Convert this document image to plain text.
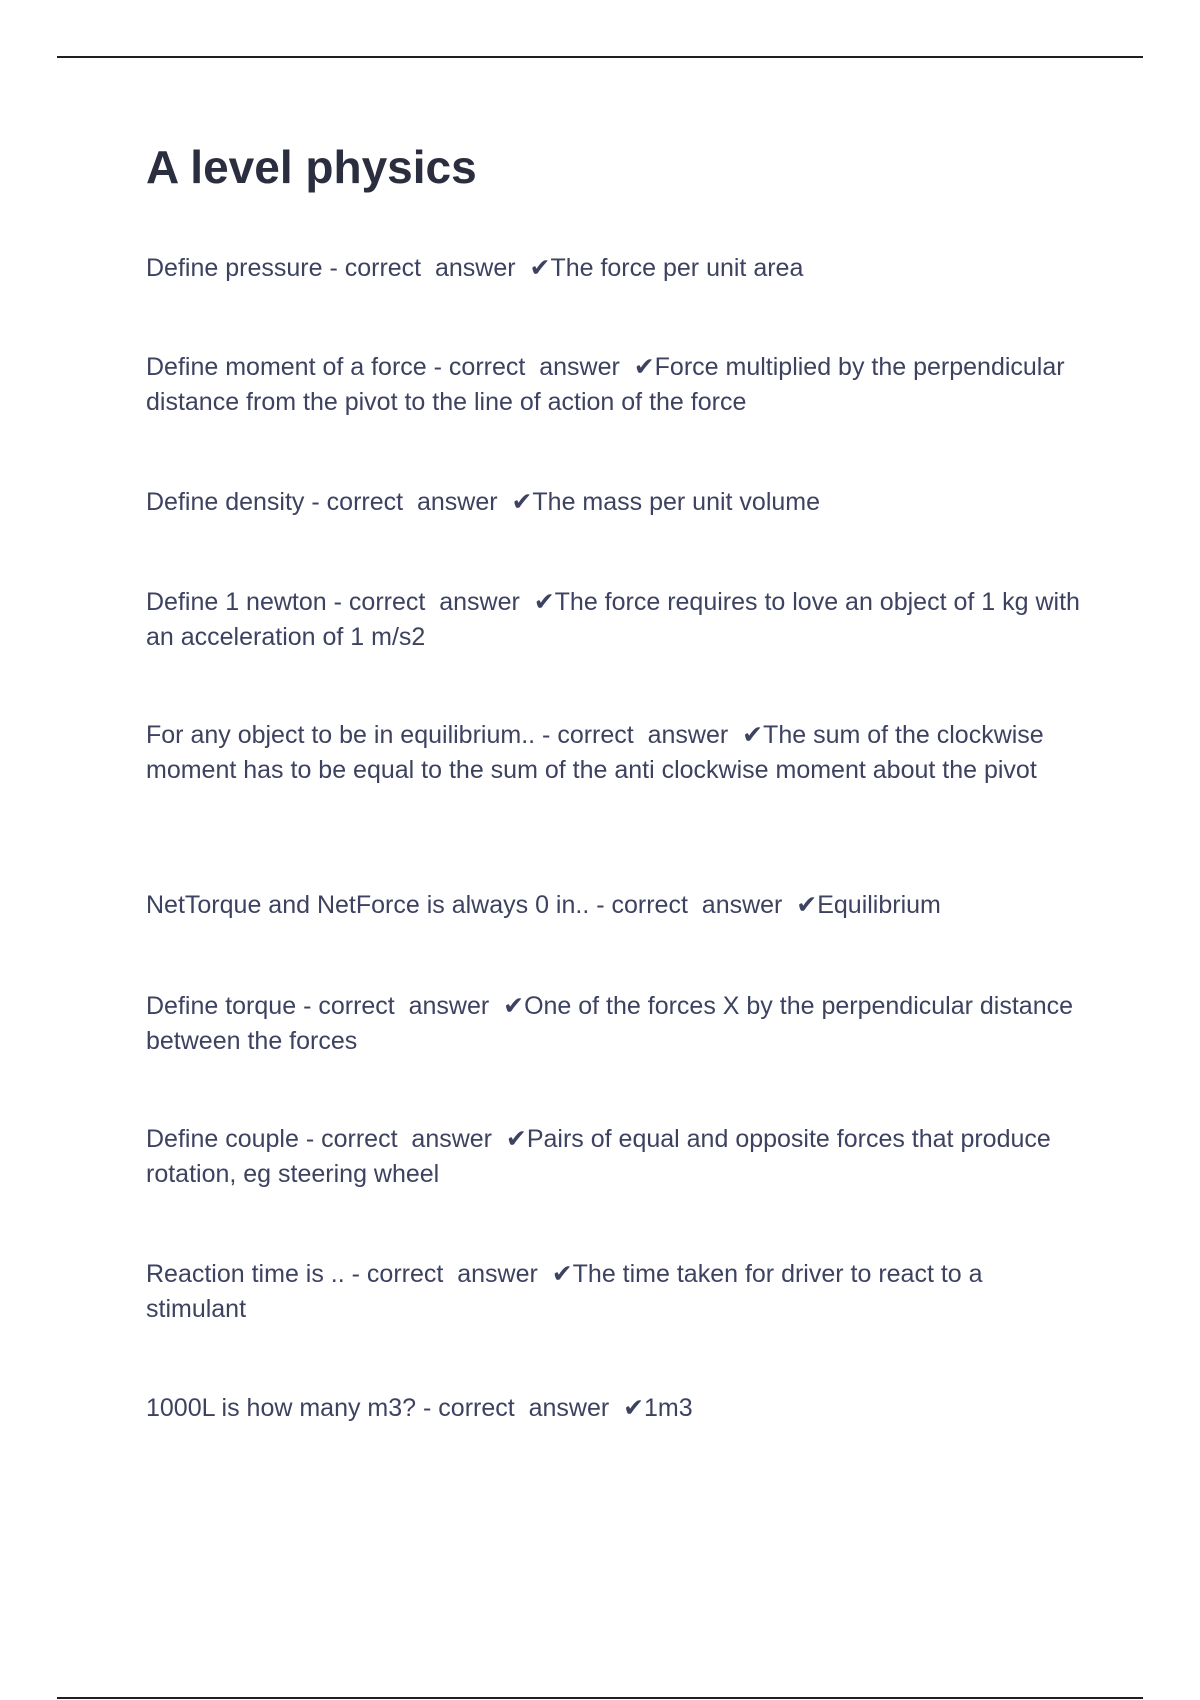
A level physics

Define pressure - correct  answer  ✔The force per unit area

Define moment of a force - correct  answer  ✔Force multiplied by the perpendicular distance from the pivot to the line of action of the force

Define density - correct  answer  ✔The mass per unit volume

Define 1 newton - correct  answer  ✔The force requires to love an object of 1 kg with an acceleration of 1 m/s2

For any object to be in equilibrium.. - correct  answer  ✔The sum of the clockwise moment has to be equal to the sum of the anti clockwise moment about the pivot

NetTorque and NetForce is always 0 in.. - correct  answer  ✔Equilibrium

Define torque - correct  answer  ✔One of the forces X by the perpendicular distance between the forces

Define couple - correct  answer  ✔Pairs of equal and opposite forces that produce rotation, eg steering wheel

Reaction time is .. - correct  answer  ✔The time taken for driver to react to a stimulant

1000L is how many m3? - correct  answer  ✔1m3
